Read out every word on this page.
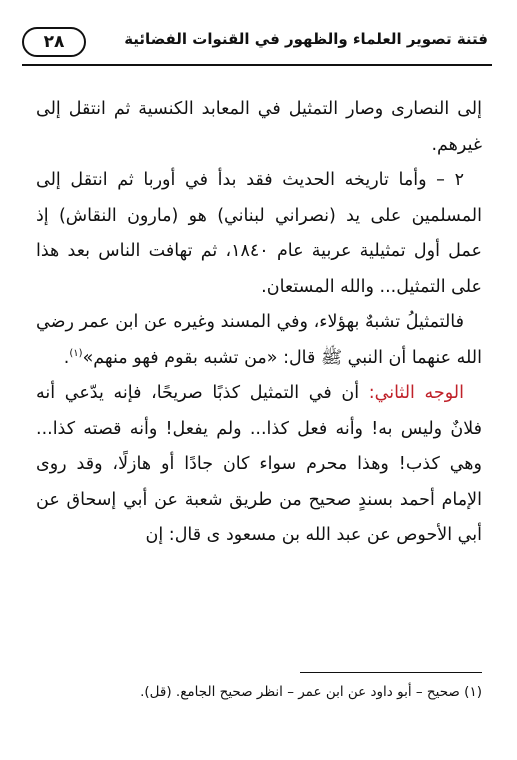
فتنة تصوير العلماء والظهور في القنوات الفضائية
٢٨

إلى النصارى وصار التمثيل في المعابد الكنسية ثم انتقل إلى غيرهم.

٢ – وأما تاريخه الحديث فقد بدأ في أوربا ثم انتقل إلى المسلمين على يد (نصراني لبناني) هو (مارون النقاش) إذ عمل أول تمثيلية عربية عام ١٨٤٠، ثم تهافت الناس بعد هذا على التمثيل... والله المستعان.

فالتمثيلُ تشبهٌ بهؤلاء، وفي المسند وغيره عن ابن عمر رضي الله عنهما أن النبي ﷺ قال: «من تشبه بقوم فهو منهم»$^{(١)}$.

الوجه الثاني: أن في التمثيل كذبًا صريحًا، فإنه يدّعي أنه فلانٌ وليس به! وأنه فعل كذا... ولم يفعل! وأنه قصته كذا... وهي كذب! وهذا محرم سواء كان جادًا أو هازلًا، وقد روى الإمام أحمد بسندٍ صحيح من طريق شعبة عن أبي إسحاق عن أبي الأحوص عن عبد الله بن مسعود ى قال: إن

(١) صحيح – أبو داود عن ابن عمر – انظر صحيح الجامع. (قل).
